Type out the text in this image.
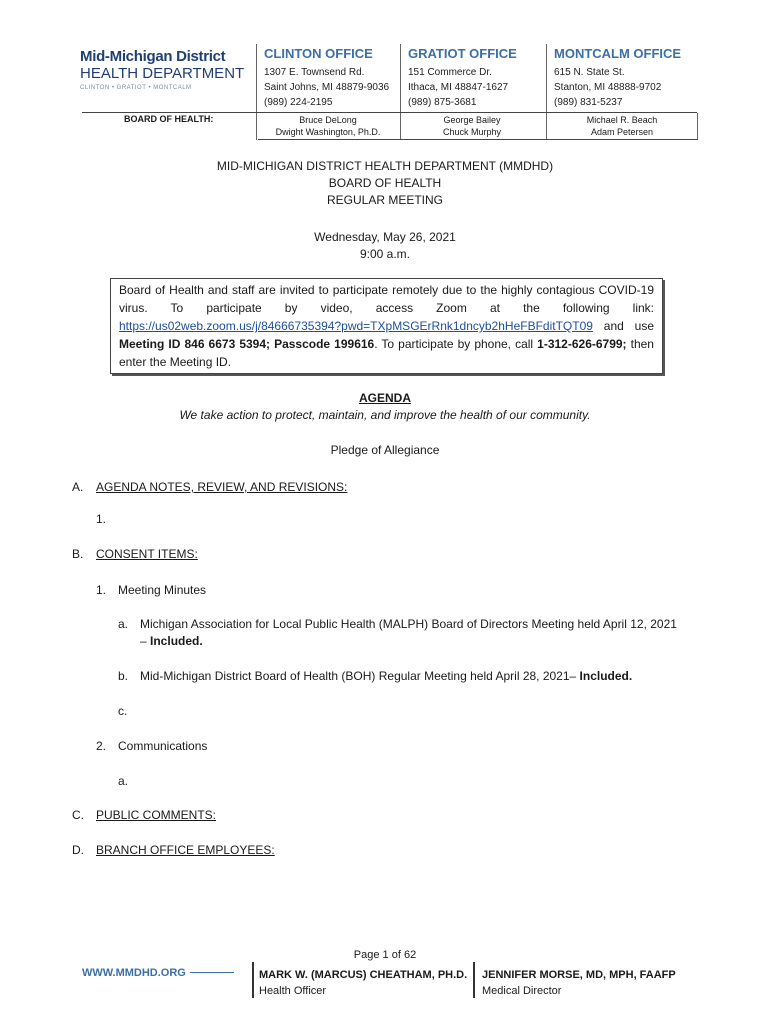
Mid-Michigan District
HEALTH DEPARTMENT
CLINTON • GRATIOT • MONTCALM
CLINTON OFFICE
1307 E. Townsend Rd.
Saint Johns, MI 48879-9036
(989) 224-2195
GRATIOT OFFICE
151 Commerce Dr.
Ithaca, MI 48847-1627
(989) 875-3681
MONTCALM OFFICE
615 N. State St.
Stanton, MI 48888-9702
(989) 831-5237
BOARD OF HEALTH:	Bruce DeLong
Dwight Washington, Ph.D.
George Bailey
Chuck Murphy
Michael R. Beach
Adam Petersen
MID-MICHIGAN DISTRICT HEALTH DEPARTMENT (MMDHD)
BOARD OF HEALTH
REGULAR MEETING
Wednesday, May 26, 2021
9:00 a.m.
Board of Health and staff are invited to participate remotely due to the highly contagious COVID-19 virus. To participate by video, access Zoom at the following link: https://us02web.zoom.us/j/84666735394?pwd=TXpMSGErRnk1dncyb2hHeFBFditTQT09 and use Meeting ID 846 6673 5394; Passcode 199616. To participate by phone, call 1-312-626-6799; then enter the Meeting ID.
AGENDA
We take action to protect, maintain, and improve the health of our community.
Pledge of Allegiance
A. AGENDA NOTES, REVIEW, AND REVISIONS:
1.
B. CONSENT ITEMS:
1. Meeting Minutes
a. Michigan Association for Local Public Health (MALPH) Board of Directors Meeting held April 12, 2021 – Included.
b. Mid-Michigan District Board of Health (BOH) Regular Meeting held April 28, 2021– Included.
c.
2. Communications
a.
C. PUBLIC COMMENTS:
D. BRANCH OFFICE EMPLOYEES:
Page 1 of 62
WWW.MMDHD.ORG	MARK W. (MARCUS) CHEATHAM, PH.D.
Health Officer
JENNIFER MORSE, MD, MPH, FAAFP
Medical Director
